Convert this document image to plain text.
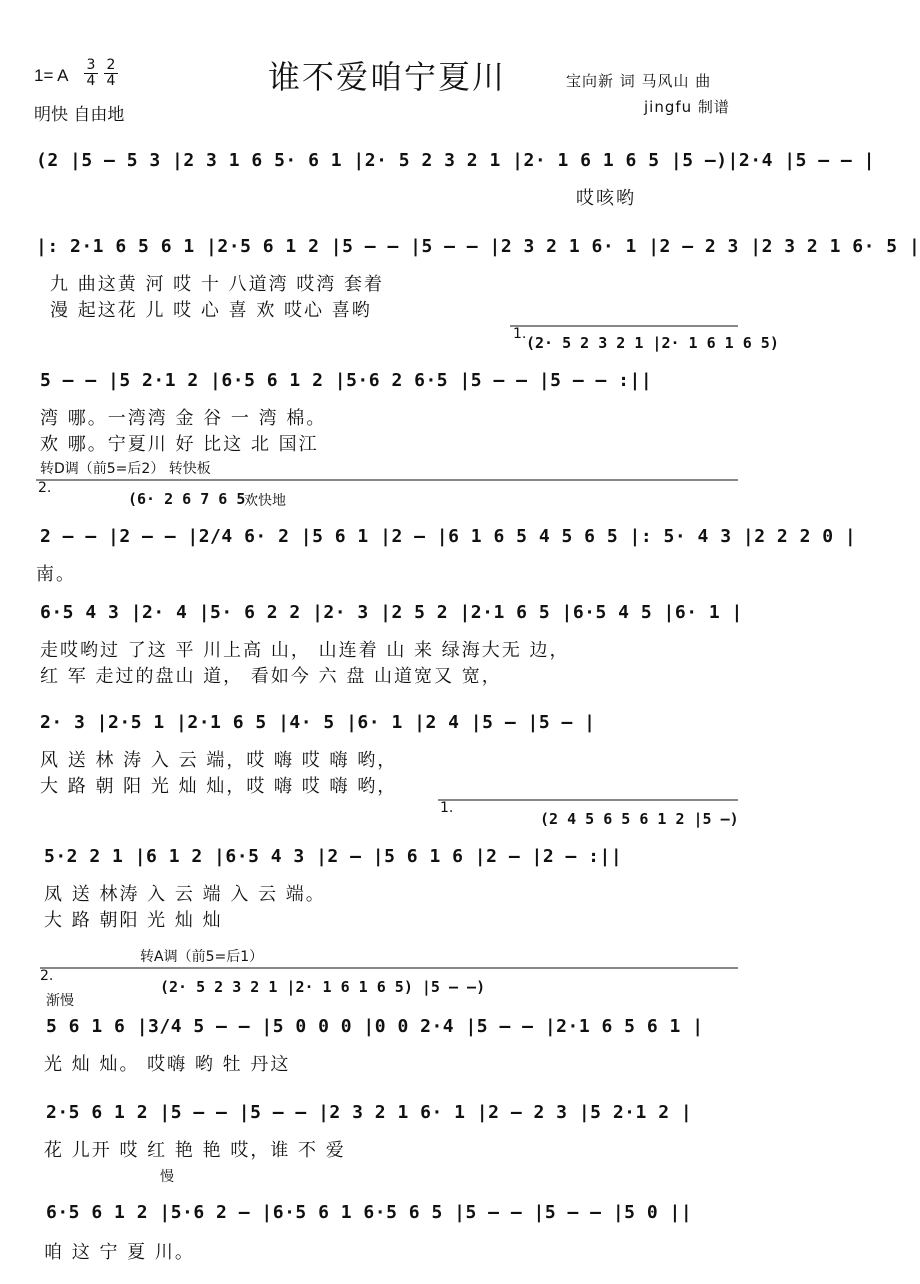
谁不爱咱宁夏川
1= A
3
4
2
4
明快 自由地
宝向新 词 马风山 曲
jingfu 制谱
(2 |5 – 5 3 |2 3 1 6 5· 6 1 |2· 5 2 3 2 1 |2· 1 6 1 6 5 |5 –)|2·4 |5 – – |
哎咳哟
|: 2·1 6 5 6 1 |2·5 6 1 2 |5 – – |5 – – |2 3 2 1 6· 1 |2 – 2 3 |2 3 2 1 6· 5 |
九 曲这黄 河 哎 十 八道湾 哎湾 套着
漫 起这花 儿 哎 心 喜 欢 哎心 喜哟
1. (2· 5 2 3 2 1 |2· 1 6 1 6 5)
5 – – |5 2·1 2 |6·5 6 1 2 |5·6 2 6·5 |5 – – |5 – – :||
湾 哪。一湾湾 金 谷 一 湾 棉。
欢 哪。宁夏川 好 比这 北 国江
转D调（前5=后2） 转快板
2.
(6· 2 6 7 6 5
欢快地
2 – – |2 – – |2/4 6· 2 |5 6 1 |2 – |6 1 6 5 4 5 6 5 |: 5· 4 3 |2 2 2 0 |
南。
6·5 4 3 |2· 4 |5· 6 2 2 |2· 3 |2 5 2 |2·1 6 5 |6·5 4 5 |6· 1 |
走哎哟过 了这 平 川上高 山， 山连着 山 来 绿海大无 边，
红 军 走过的盘山 道， 看如今 六 盘 山道宽又 宽，
2· 3 |2·5 1 |2·1 6 5 |4· 5 |6· 1 |2 4 |5 – |5 – |
风 送 林 涛 入 云 端，哎 嗨 哎 嗨 哟，
大 路 朝 阳 光 灿 灿，哎 嗨 哎 嗨 哟，
1.
(2 4 5 6 5 6 1 2 |5 –)
5·2 2 1 |6 1 2 |6·5 4 3 |2 – |5 6 1 6 |2 – |2 – :||
凤 送 林涛 入 云 端 入 云 端。
大 路 朝阳 光 灿 灿
转A调（前5=后1）
2.
渐慢
(2· 5 2 3 2 1 |2· 1 6 1 6 5) |5 – –)
5 6 1 6 |3/4 5 – – |5 0 0 0 |0 0 2·4 |5 – – |2·1 6 5 6 1 |
光 灿 灿。 哎嗨 哟 牡 丹这
2·5 6 1 2 |5 – – |5 – – |2 3 2 1 6· 1 |2 – 2 3 |5 2·1 2 |
花 儿开 哎 红 艳 艳 哎，谁 不 爱
慢
6·5 6 1 2 |5·6 2 – |6·5 6 1 6·5 6 5 |5 – – |5 – – |5 0 ||
咱 这 宁 夏 川。
